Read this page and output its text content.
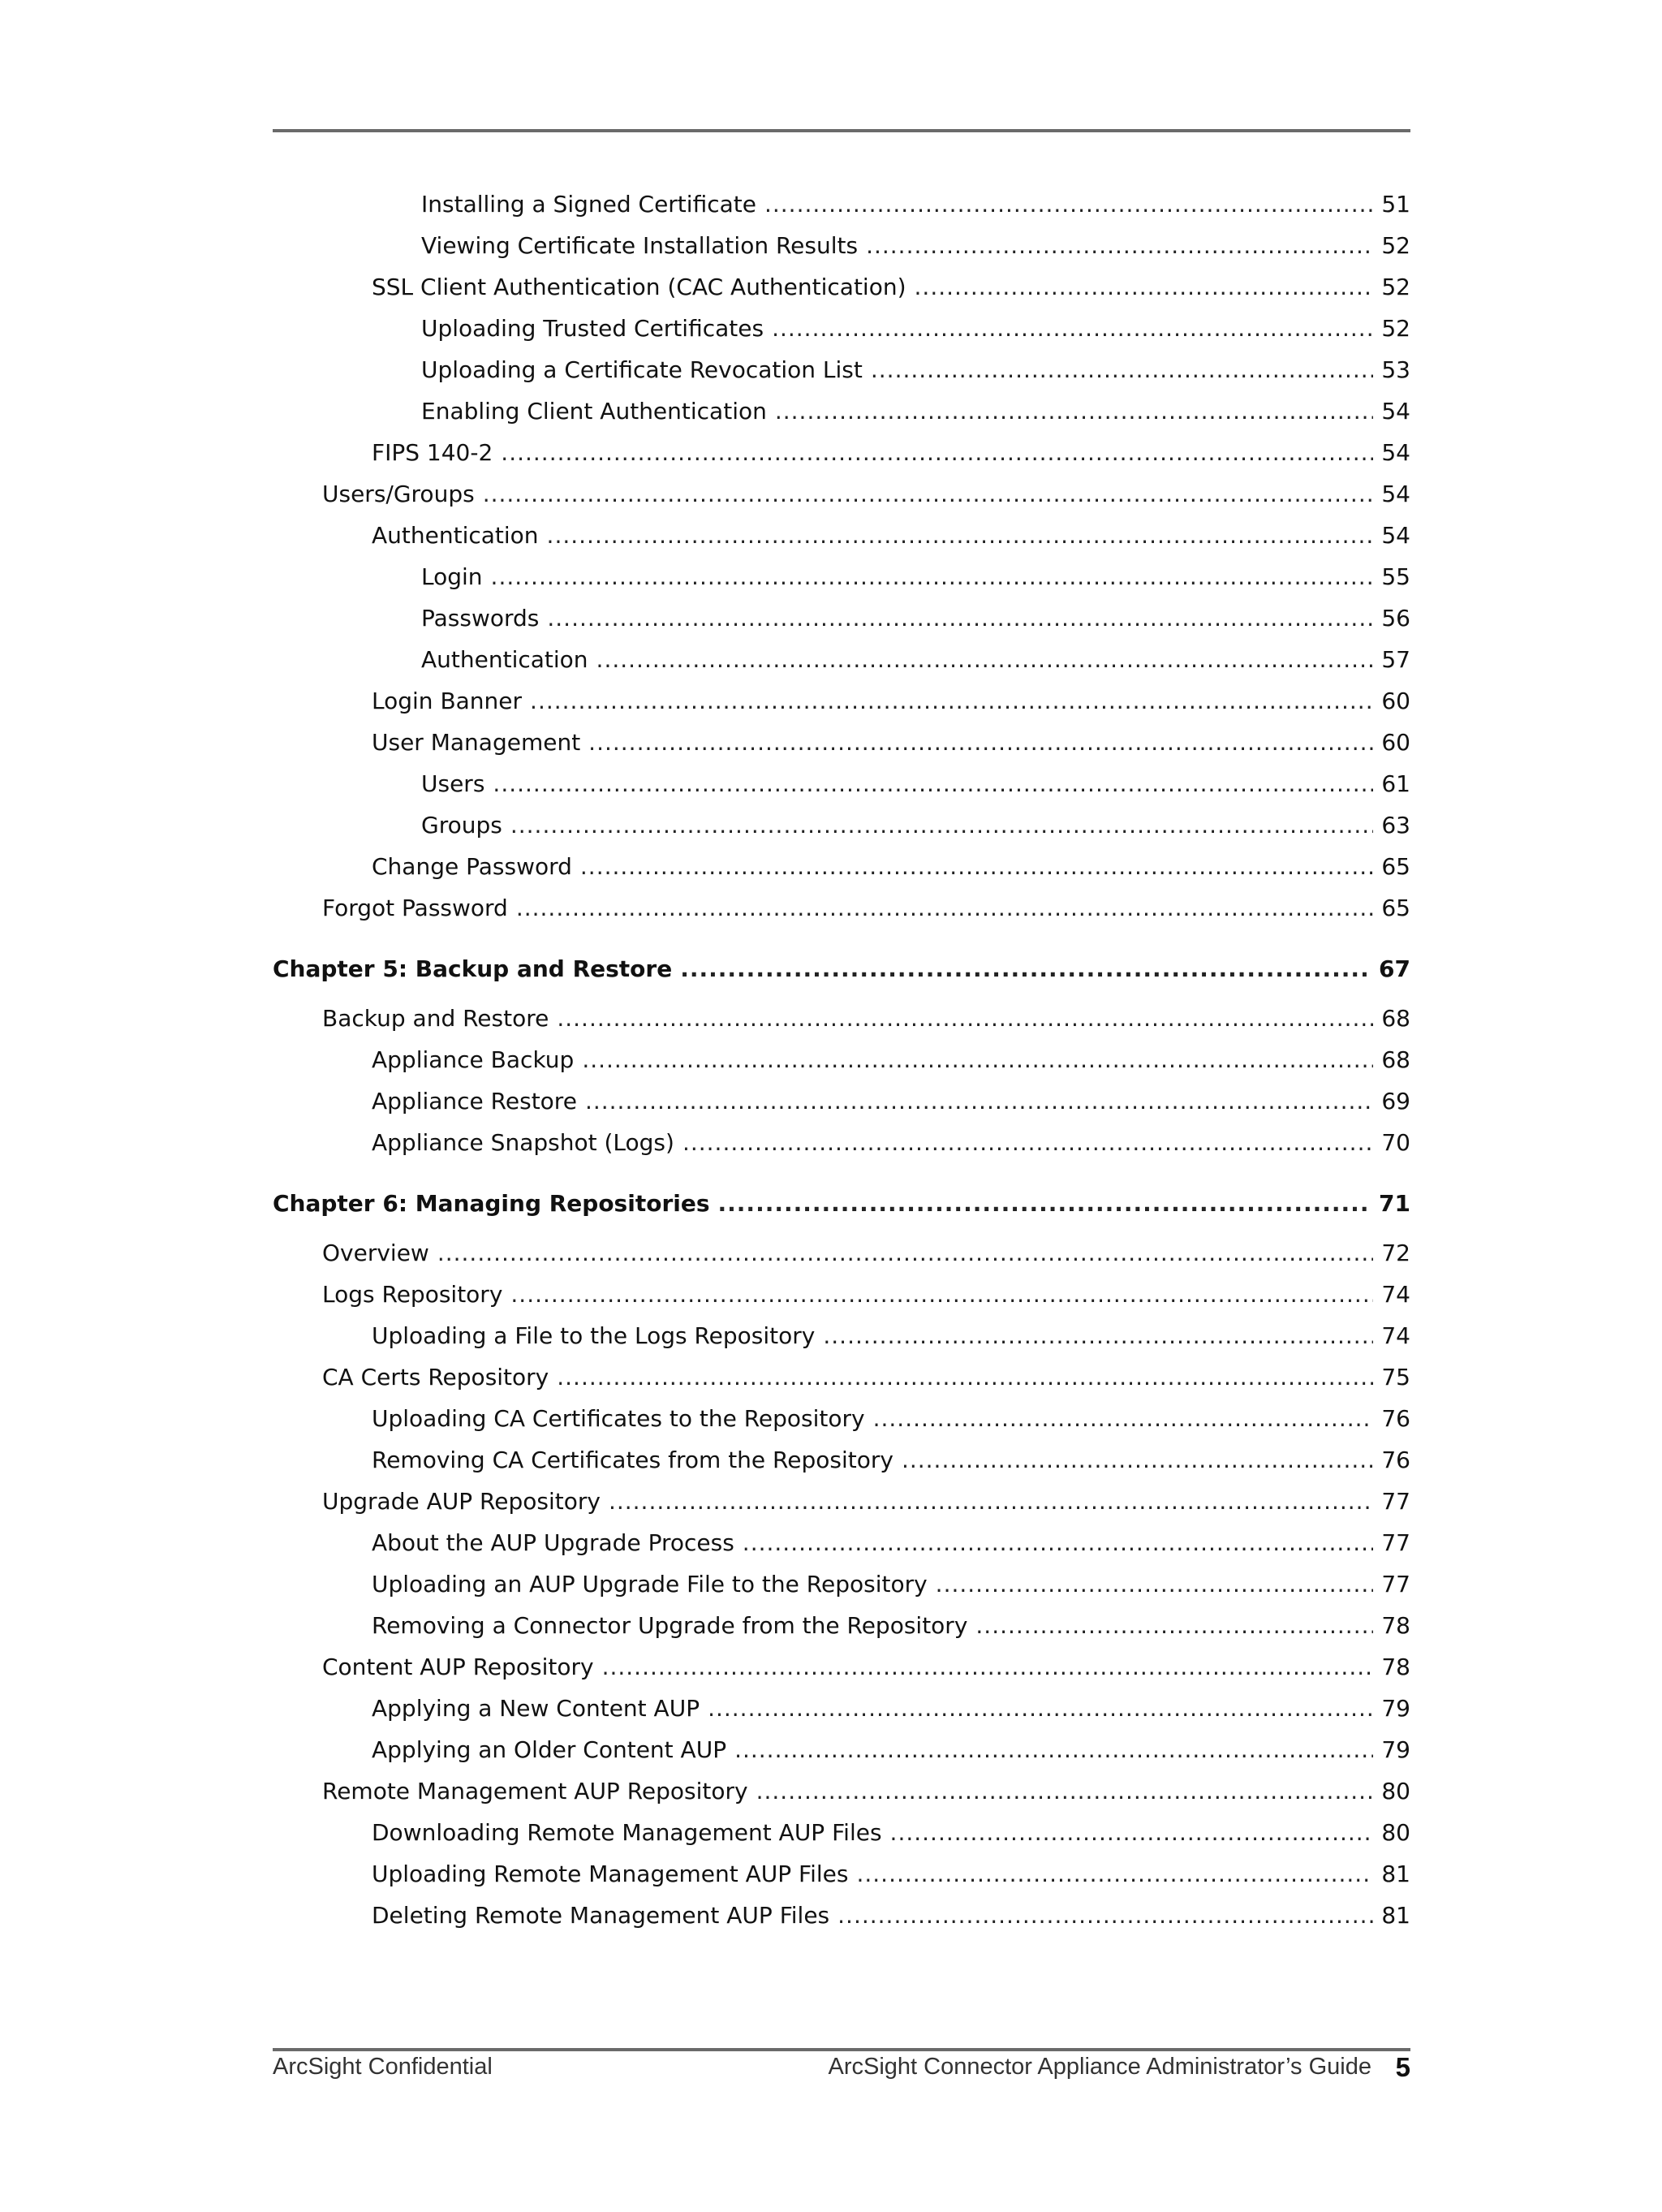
Installing a Signed Certificate .....	51
Viewing Certificate Installation Results .....	52
SSL Client Authentication (CAC Authentication) .....	52
Uploading Trusted Certificates .....	52
Uploading a Certificate Revocation List .....	53
Enabling Client Authentication .....	54
FIPS 140-2 .....	54
Users/Groups .....	54
Authentication .....	54
Login .....	55
Passwords .....	56
Authentication .....	57
Login Banner .....	60
User Management .....	60
Users .....	61
Groups .....	63
Change Password .....	65
Forgot Password .....	65
Chapter 5: Backup and Restore .....	67
Backup and Restore .....	68
Appliance Backup .....	68
Appliance Restore .....	69
Appliance Snapshot (Logs) .....	70
Chapter 6: Managing Repositories .....	71
Overview .....	72
Logs Repository .....	74
Uploading a File to the Logs Repository .....	74
CA Certs Repository .....	75
Uploading CA Certificates to the Repository .....	76
Removing CA Certificates from the Repository .....	76
Upgrade AUP Repository .....	77
About the AUP Upgrade Process .....	77
Uploading an AUP Upgrade File to the Repository .....	77
Removing a Connector Upgrade from the Repository .....	78
Content AUP Repository .....	78
Applying a New Content AUP .....	79
Applying an Older Content AUP .....	79
Remote Management AUP Repository .....	80
Downloading Remote Management AUP Files .....	80
Uploading Remote Management AUP Files .....	81
Deleting Remote Management AUP Files .....	81
ArcSight Confidential	ArcSight Connector Appliance Administrator’s Guide 5
